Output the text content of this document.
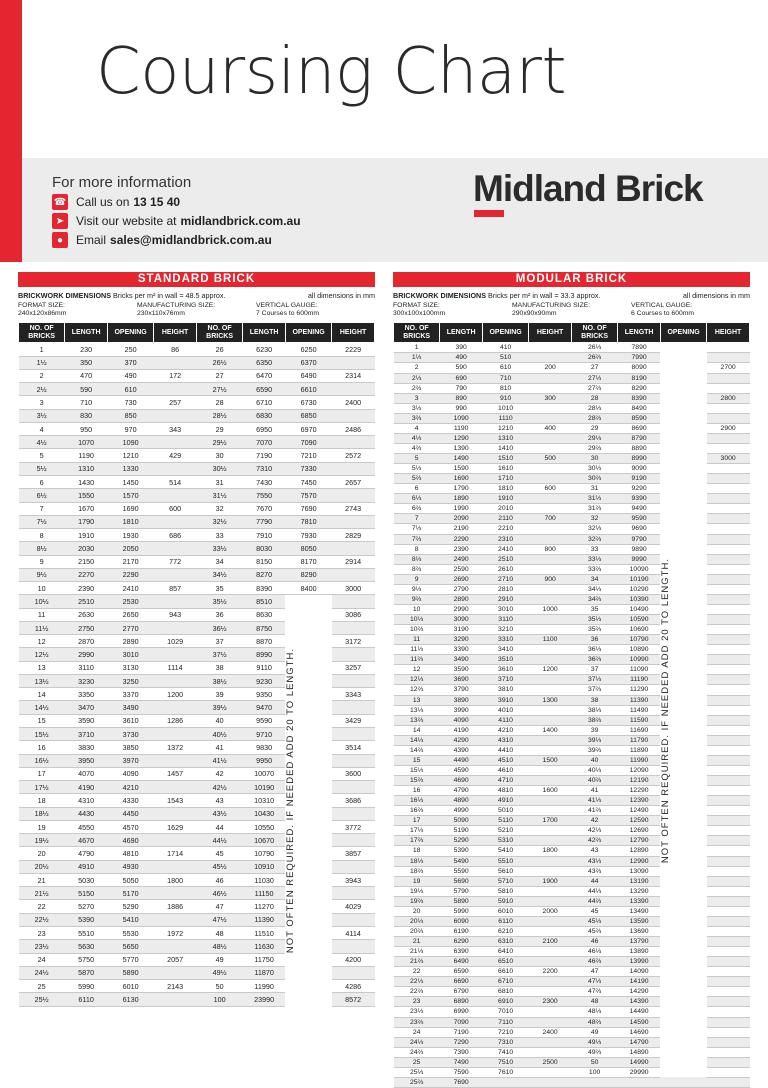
Coursing Chart
For more information
☎ Call us on 13 15 40
➤ Visit our website at midlandbrick.com.au
●	Email sales@midlandbrick.com.au
Midland Brick
STANDARD BRICK
BRICKWORK DIMENSIONS Bricks per m² in wall = 48.5 approx.	all dimensions in mm
FORMAT SIZE:
240x120x86mm
MANUFACTURING SIZE:
230x110x76mm
VERTICAL GAUGE:
7 Courses to 600mm
NO. OF BRICKS	LENGTH	OPENING	HEIGHT	NO. OF BRICKS	LENGTH	OPENING	HEIGHT
1	230	250	86	26	6230	6250	2229
1½	350	370		26½	6350	6370	
2	470	490	172	27	6470	6490	2314
2½	590	610		27½	6590	6610	
3	710	730	257	28	6710	6730	2400
3½	830	850		28½	6830	6850	
4	950	970	343	29	6950	6970	2486
4½	1070	1090		29½	7070	7090	
5	1190	1210	429	30	7190	7210	2572
5½	1310	1330		30½	7310	7330	
6	1430	1450	514	31	7430	7450	2657
6½	1550	1570		31½	7550	7570	
7	1670	1690	600	32	7670	7690	2743
7½	1790	1810		32½	7790	7810	
8	1910	1930	686	33	7910	7930	2829
8½	2030	2050		33½	8030	8050	
9	2150	2170	772	34	8150	8170	2914
9½	2270	2290		34½	8270	8290	
10	2390	2410	857	35	8390	8400	3000
10½	2510	2530		35½	8510	NOT OFTEN REQUIRED. IF NEEDED ADD 20 TO LENGTH.	

11	2630	2650	943	36	8630		3086
11½	2750	2770		36½	8750		
12	2870	2890	1029	37	8870		3172
12½	2990	3010		37½	8990		
13	3110	3130	1114	38	9110		3257
13½	3230	3250		38½	9230		
14	3350	3370	1200	39	9350		3343
14½	3470	3490		39½	9470		
15	3590	3610	1286	40	9590		3429
15½	3710	3730		40½	9710		
16	3830	3850	1372	41	9830		3514
16½	3950	3970		41½	9950		
17	4070	4090	1457	42	10070		3600
17½	4190	4210		42½	10190		
18	4310	4330	1543	43	10310		3686
18½	4430	4450		43½	10430		
19	4550	4570	1629	44	10550		3772
19½	4670	4690		44½	10670		
20	4790	4810	1714	45	10790		3857
20½	4910	4930		45½	10910		
21	5030	5050	1800	46	11030		3943
21½	5150	5170		46½	11150		
22	5270	5290	1886	47	11270		4029
22½	5390	5410		47½	11390		
23	5510	5530	1972	48	11510		4114
23½	5630	5650		48½	11630		
24	5750	5770	2057	49	11750		4200
24½	5870	5890		49½	11870		
25	5990	6010	2143	50	11990		4286
25½	6110	6130		100	23990		8572
MODULAR BRICK
BRICKWORK DIMENSIONS Bricks per m² in wall = 33.3 approx.	all dimensions in mm
FORMAT SIZE:
300x100x100mm
MANUFACTURING SIZE:
290x90x90mm
VERTICAL GAUGE:
6 Courses to 600mm
NO. OF BRICKS	LENGTH	OPENING	HEIGHT	NO. OF BRICKS	LENGTH	OPENING	HEIGHT
1	390	410		26⅓	7890	NOT OFTEN REQUIRED. IF NEEDED ADD 20 TO LENGTH.	

1⅓	490	510		26⅔	7990		
2	590	610	200	27	8090		2700
2⅓	690	710		27⅓	8190		
2⅔	790	810		27⅔	8290		
3	890	910	300	28	8390		2800
3⅓	990	1010		28⅓	8490		
3⅔	1090	1110		28⅔	8590		
4	1190	1210	400	29	8690		2900
4⅓	1290	1310		29⅓	8790		
4⅔	1390	1410		29⅔	8890		
5	1490	1510	500	30	8990		3000
5⅓	1590	1610		30⅓	9090		
5⅔	1690	1710		30⅔	9190		
6	1790	1810	600	31	9290		
6⅓	1890	1910		31⅓	9390		
6⅔	1990	2010		31⅔	9490		
7	2090	2110	700	32	9590		
7⅓	2190	2210		32⅓	9690		
7⅔	2290	2310		32⅔	9790		
8	2390	2410	800	33	9890		
8⅓	2490	2510		33⅓	9990		
8⅔	2590	2610		33⅔	10090		
9	2690	2710	900	34	10190		
9⅓	2790	2810		34⅓	10290		
9⅔	2890	2910		34⅔	10390		
10	2990	3010	1000	35	10490		
10⅓	3090	3110		35⅓	10590		
10⅔	3190	3210		35⅔	10690		
11	3290	3310	1100	36	10790		
11⅓	3390	3410		36⅓	10890		
11⅔	3490	3510		36⅔	10990		
12	3590	3610	1200	37	11090		
12⅓	3690	3710		37⅓	11190		
12⅔	3790	3810		37⅔	11290		
13	3890	3910	1300	38	11390		
13⅓	3990	4010		38⅓	11490		
13⅔	4090	4110		38⅔	11590		
14	4190	4210	1400	39	11690		
14⅓	4290	4310		39⅓	11790		
14⅔	4390	4410		39⅔	11890		
15	4490	4510	1500	40	11990		
15⅓	4590	4610		40⅓	12090		
15⅔	4690	4710		40⅔	12190		
16	4790	4810	1600	41	12290		
16⅓	4890	4910		41⅓	12390		
16⅔	4990	5010		41⅔	12490		
17	5090	5110	1700	42	12590		
17⅓	5190	5210		42⅓	12690		
17⅔	5290	5310		42⅔	12790		
18	5390	5410	1800	43	12890		
18⅓	5490	5510		43⅓	12990		
18⅔	5590	5610		43⅔	13090		
19	5690	5710	1900	44	13190		
19⅓	5790	5810		44⅓	13290		
19⅔	5890	5910		44⅔	13390		
20	5990	6010	2000	45	13490		
20⅓	6090	6110		45⅓	13590		
20⅔	6190	6210		45⅔	13690		
21	6290	6310	2100	46	13790		
21⅓	6390	6410		46⅓	13890		
21⅔	6490	6510		46⅔	13990		
22	6590	6610	2200	47	14090		
22⅓	6690	6710		47⅓	14190		
22⅔	6790	6810		47⅔	14290		
23	6890	6910	2300	48	14390		
23⅓	6990	7010		48⅓	14490		
23⅔	7090	7110		48⅔	14590		
24	7190	7210	2400	49	14690		
24⅓	7290	7310		49⅓	14790		
24⅔	7390	7410		49⅔	14890		
25	7490	7510	2500	50	14990		
25⅓	7590	7610		100	29990		
25⅔	7690						
